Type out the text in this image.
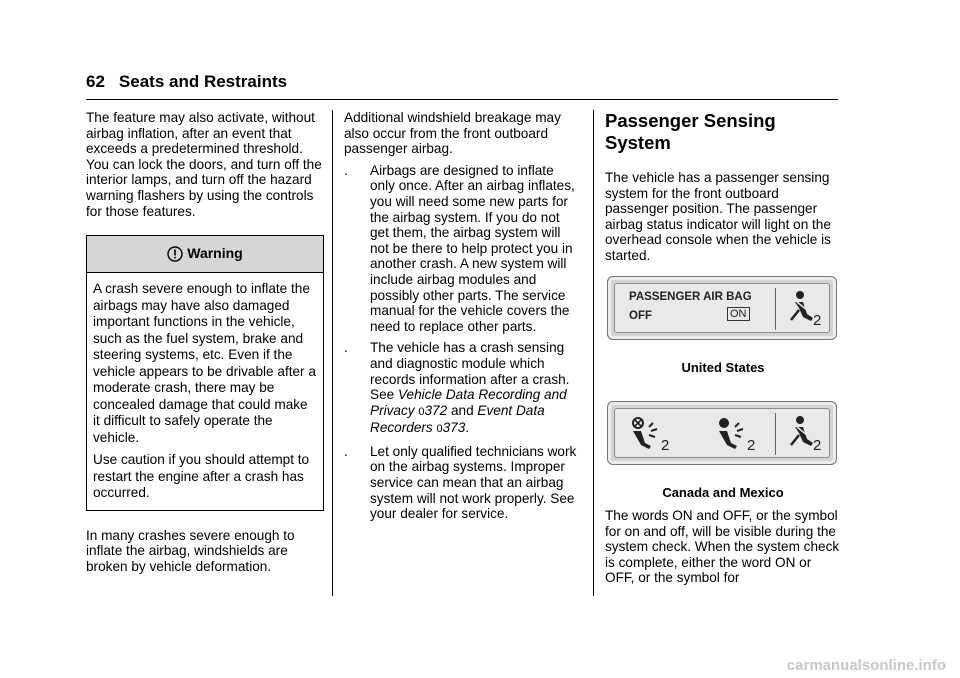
62 Seats and Restraints

The feature may also activate, without airbag inflation, after an event that exceeds a predetermined threshold. You can lock the doors, and turn off the interior lamps, and turn off the hazard warning flashers by using the controls for those features.

Warning

A crash severe enough to inflate the airbags may have also damaged important functions in the vehicle, such as the fuel system, brake and steering systems, etc. Even if the vehicle appears to be drivable after a moderate crash, there may be concealed damage that could make it difficult to safely operate the vehicle.

Use caution if you should attempt to restart the engine after a crash has occurred.

In many crashes severe enough to inflate the airbag, windshields are broken by vehicle deformation.

Additional windshield breakage may also occur from the front outboard passenger airbag.

.	Airbags are designed to inflate only once. After an airbag inflates, you will need some new parts for the airbag system. If you do not get them, the airbag system will not be there to help protect you in another crash. A new system will include airbag modules and possibly other parts. The service manual for the vehicle covers the need to replace other parts.

.	The vehicle has a crash sensing and diagnostic module which records information after a crash. See Vehicle Data Recording and Privacy 0372 and Event Data Recorders 0373.

.	Let only qualified technicians work on the airbag systems. Improper service can mean that an airbag system will not work properly. See your dealer for service.

Passenger Sensing System

The vehicle has a passenger sensing system for the front outboard passenger position. The passenger airbag status indicator will light on the overhead console when the vehicle is started.

PASSENGER AIR BAG
OFF	ON	2
United States
2	2	2
Canada and Mexico

The words ON and OFF, or the symbol for on and off, will be visible during the system check. When the system check is complete, either the word ON or OFF, or the symbol for

carmanualsonline.info
